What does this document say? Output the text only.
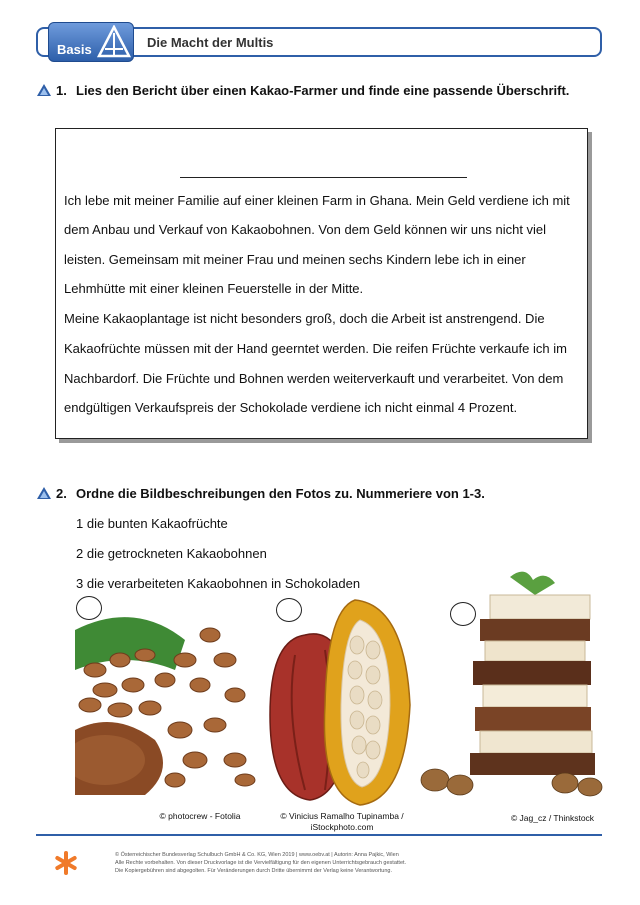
Basis	Die Macht der Multis
1. Lies den Bericht über einen Kakao-Farmer und finde eine passende Überschrift.
Ich lebe mit meiner Familie auf einer kleinen Farm in Ghana. Mein Geld verdiene ich mit
dem Anbau und Verkauf von Kakaobohnen. Von dem Geld können wir uns nicht viel
leisten. Gemeinsam mit meiner Frau und meinen sechs Kindern lebe ich in einer
Lehmhütte mit einer kleinen Feuerstelle in der Mitte.
Meine Kakaoplantage ist nicht besonders groß, doch die Arbeit ist anstrengend. Die
Kakaofrüchte müssen mit der Hand geerntet werden. Die reifen Früchte verkaufe ich im
Nachbardorf. Die Früchte und Bohnen werden weiterverkauft und verarbeitet. Von dem
endgültigen Verkaufspreis der Schokolade verdiene ich nicht einmal 4 Prozent.
2. Ordne die Bildbeschreibungen den Fotos zu. Nummeriere von 1-3.
1 die bunten Kakaofrüchte
2 die getrockneten Kakaobohnen
3 die verarbeiteten Kakaobohnen in Schokoladen
© photocrew - Fotolia	© Vinicius Ramalho Tupinamba /
iStockphoto.com
© Jag_cz / Thinkstock
© Österreichischer Bundesverlag Schulbuch GmbH & Co. KG, Wien 2019 | www.oebv.at | Autorin: Anna Pajkic, Wien
Alle Rechte vorbehalten. Von dieser Druckvorlage ist die Vervielfältigung für den eigenen Unterrichtsgebrauch gestattet.
Die Kopiergebühren sind abgegolten. Für Veränderungen durch Dritte übernimmt der Verlag keine Verantwortung.
